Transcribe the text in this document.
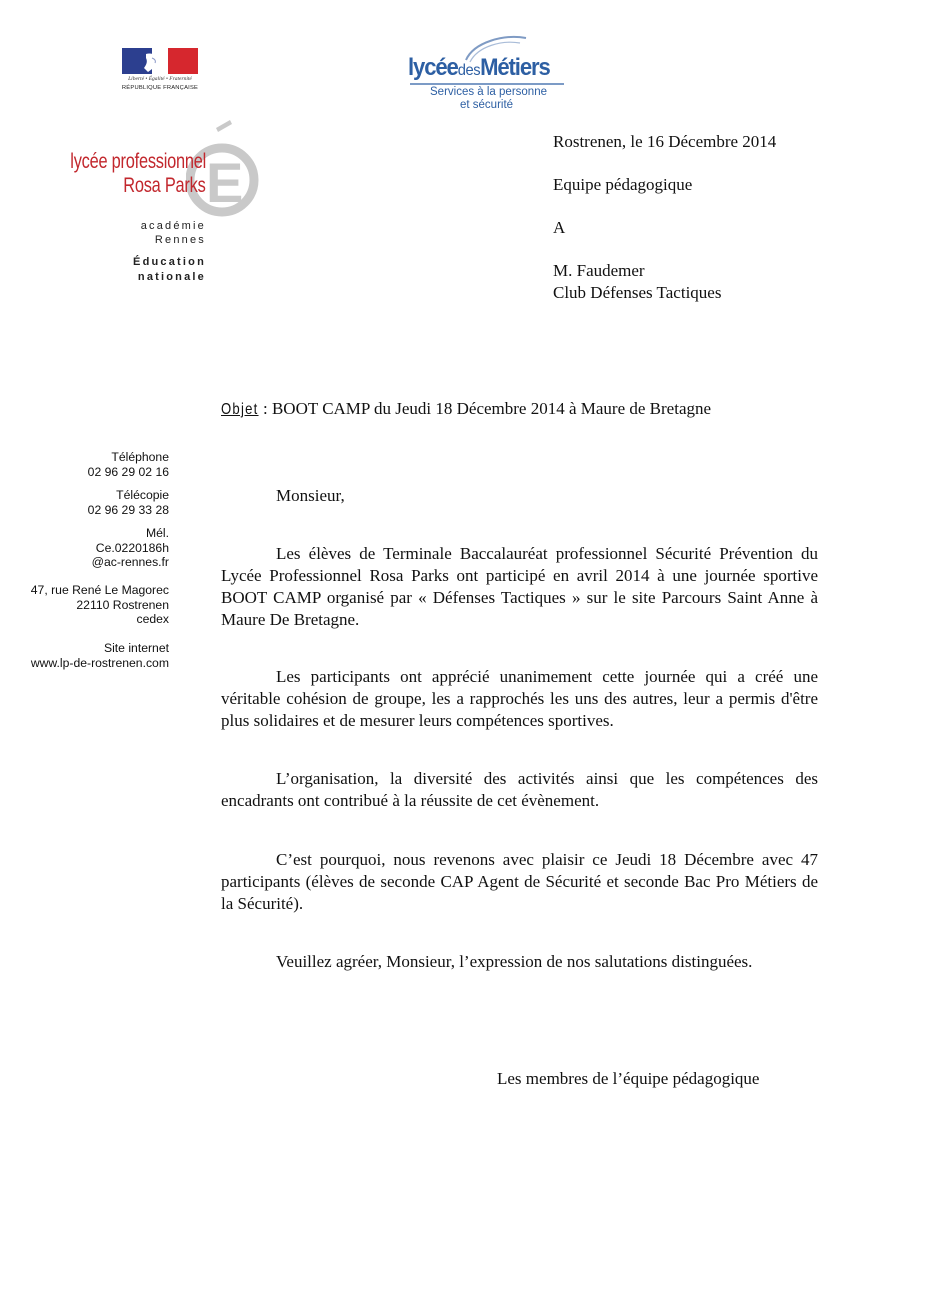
Liberté • Égalité • Fraternité
RÉPUBLIQUE FRANÇAISE
lycéedesMétiers
Services à la personne
et sécurité
E
lycée professionnel
Rosa Parks
académie
Rennes
Éducation
nationale
Rostrenen, le 16 Décembre 2014
Equipe pédagogique
A
M. Faudemer
Club Défenses Tactiques
Objet : BOOT CAMP du Jeudi 18 Décembre 2014 à Maure de Bretagne
Téléphone
02 96 29 02 16
Télécopie
02 96 29 33 28
Mél.
Ce.0220186h
@ac-rennes.fr
47, rue René Le Magorec
22110 Rostrenen
cedex
Site internet
www.lp-de-rostrenen.com
Monsieur,
Les élèves de Terminale Baccalauréat professionnel Sécurité Prévention du Lycée Professionnel Rosa Parks ont participé en avril 2014 à une journée sportive BOOT CAMP organisé par « Défenses Tactiques » sur le site Parcours Saint Anne à Maure De Bretagne.
Les participants ont apprécié unanimement cette journée qui a créé une véritable cohésion de groupe, les a rapprochés les uns des autres, leur a permis d'être plus solidaires et de mesurer leurs compétences sportives.
L’organisation, la diversité des activités ainsi que les compétences des encadrants ont contribué à la réussite de cet évènement.
C’est pourquoi, nous revenons avec plaisir ce Jeudi 18 Décembre avec 47 participants (élèves de seconde CAP Agent de Sécurité et seconde Bac Pro Métiers de la Sécurité).
Veuillez agréer, Monsieur, l’expression de nos salutations distinguées.
Les membres de l’équipe pédagogique
